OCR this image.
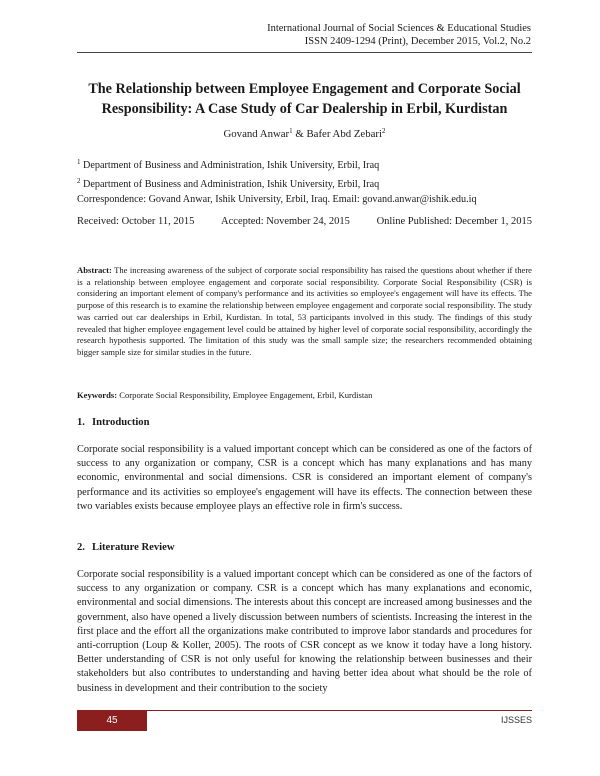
International Journal of Social Sciences & Educational Studies
ISSN 2409-1294 (Print), December 2015, Vol.2, No.2
The Relationship between Employee Engagement and Corporate Social
Responsibility: A Case Study of Car Dealership in Erbil, Kurdistan
Govand Anwar$^1$ & Bafer Abd Zebari$^2$
$^1$ Department of Business and Administration, Ishik University, Erbil, Iraq
$^2$ Department of Business and Administration, Ishik University, Erbil, Iraq
Correspondence: Govand Anwar, Ishik University, Erbil, Iraq. Email: govand.anwar@ishik.edu.iq
Received: October 11, 2015	Accepted: November 24, 2015	Online Published: December 1, 2015
Abstract: The increasing awareness of the subject of corporate social responsibility has raised the questions about whether if there is a relationship between employee engagement and corporate social responsibility. Corporate Social Responsibility (CSR) is considering an important element of company's performance and its activities so employee's engagement will have its effects. The purpose of this research is to examine the relationship between employee engagement and corporate social responsibility. The study was carried out car dealerships in Erbil, Kurdistan. In total, 53 participants involved in this study. The findings of this study revealed that higher employee engagement level could be attained by higher level of corporate social responsibility, accordingly the research hypothesis supported. The limitation of this study was the small sample size; the researchers recommended obtaining bigger sample size for similar studies in the future.
Keywords: Corporate Social Responsibility, Employee Engagement, Erbil, Kurdistan
1. Introduction
Corporate social responsibility is a valued important concept which can be considered as one of the factors of success to any organization or company, CSR is a concept which has many explanations and has many economic, environmental and social dimensions. CSR is considered an important element of company's performance and its activities so employee's engagement will have its effects. The connection between these two variables exists because employee plays an effective role in firm's success.
2. Literature Review
Corporate social responsibility is a valued important concept which can be considered as one of the factors of success to any organization or company. CSR is a concept which has many explanations and economic, environmental and social dimensions. The interests about this concept are increased among businesses and the government, also have opened a lively discussion between numbers of scientists. Increasing the interest in the first place and the effort all the organizations make contributed to improve labor standards and procedures for anti-corruption (Loup & Koller, 2005). The roots of CSR concept as we know it today have a long history. Better understanding of CSR is not only useful for knowing the relationship between businesses and their stakeholders but also contributes to understanding and having better idea about what should be the role of business in development and their contribution to the society
45	IJSSES
